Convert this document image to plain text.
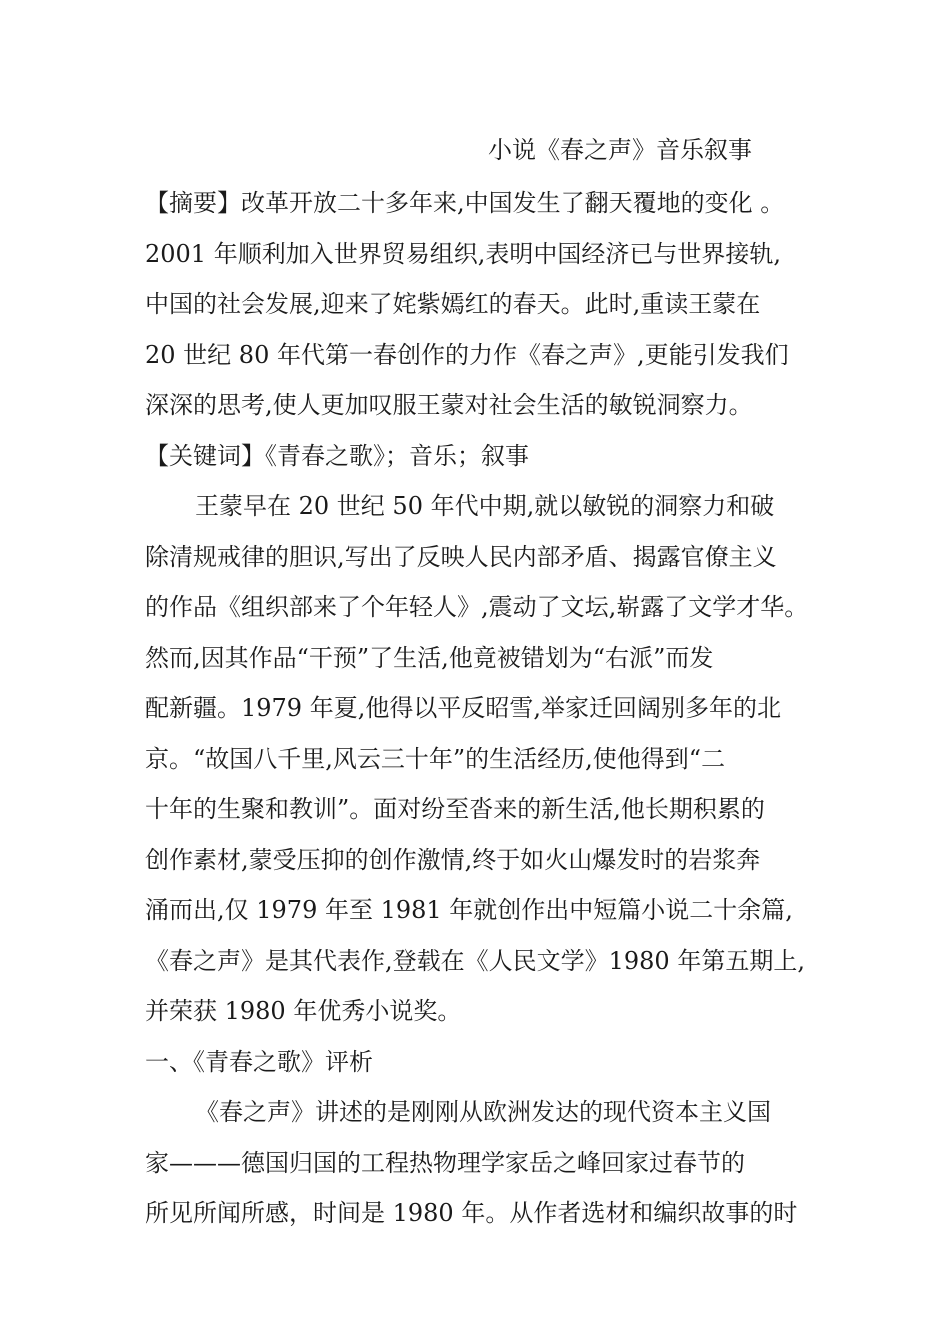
小说《春之声》音乐叙事
【摘要】改革开放二十多年来,中国发生了翻天覆地的变化 。
2001 年顺利加入世界贸易组织,表明中国经济已与世界接轨,
中国的社会发展,迎来了姹紫嫣红的春天。此时,重读王蒙在
20 世纪 80 年代第一春创作的力作《春之声》,更能引发我们
深深的思考,使人更加叹服王蒙对社会生活的敏锐洞察力。
【关键词】《青春之歌》；音乐；叙事
王蒙早在 20 世纪 50 年代中期,就以敏锐的洞察力和破
除清规戒律的胆识,写出了反映人民内部矛盾、揭露官僚主义
的作品《组织部来了个年轻人》,震动了文坛,崭露了文学才华。
然而,因其作品“干预”了生活,他竟被错划为“右派”而发
配新疆。1979 年夏,他得以平反昭雪,举家迁回阔别多年的北
京。“故国八千里,风云三十年”的生活经历,使他得到“二
十年的生聚和教训”。面对纷至沓来的新生活,他长期积累的
创作素材,蒙受压抑的创作激情,终于如火山爆发时的岩浆奔
涌而出,仅 1979 年至 1981 年就创作出中短篇小说二十余篇,
《春之声》是其代表作,登载在《人民文学》1980 年第五期上,
并荣获 1980 年优秀小说奖。
一、《青春之歌》评析
《春之声》讲述的是刚刚从欧洲发达的现代资本主义国
家———德国归国的工程热物理学家岳之峰回家过春节的
所见所闻所感，时间是 1980 年。从作者选材和编织故事的时
